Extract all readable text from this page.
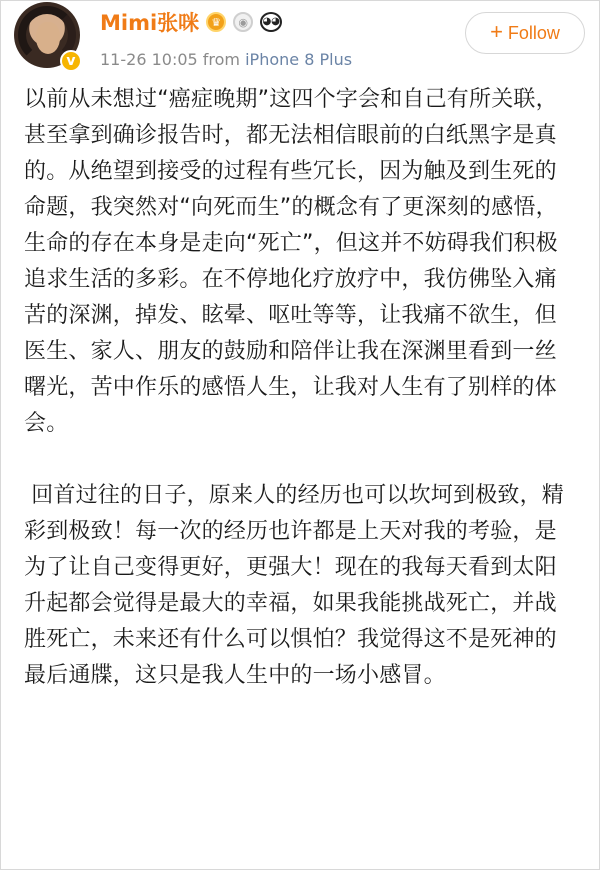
v
Mimi张咪	♛	◉	◕◕
11-26 10:05 from iPhone 8 Plus
+ Follow

以前从未想过“癌症晚期”这四个字会和自己有所关联，甚至拿到确诊报告时，都无法相信眼前的白纸黑字是真的。从绝望到接受的过程有些冗长，因为触及到生死的命题，我突然对“向死而生”的概念有了更深刻的感悟，生命的存在本身是走向“死亡”，但这并不妨碍我们积极追求生活的多彩。在不停地化疗放疗中，我仿佛坠入痛苦的深渊，掉发、眩晕、呕吐等等，让我痛不欲生，但医生、家人、朋友的鼓励和陪伴让我在深渊里看到一丝曙光，苦中作乐的感悟人生，让我对人生有了别样的体会。

回首过往的日子，原来人的经历也可以坎坷到极致，精彩到极致！每一次的经历也许都是上天对我的考验，是为了让自己变得更好，更强大！现在的我每天看到太阳升起都会觉得是最大的幸福，如果我能挑战死亡，并战胜死亡，未来还有什么可以惧怕？我觉得这不是死神的最后通牒，这只是我人生中的一场小感冒。
